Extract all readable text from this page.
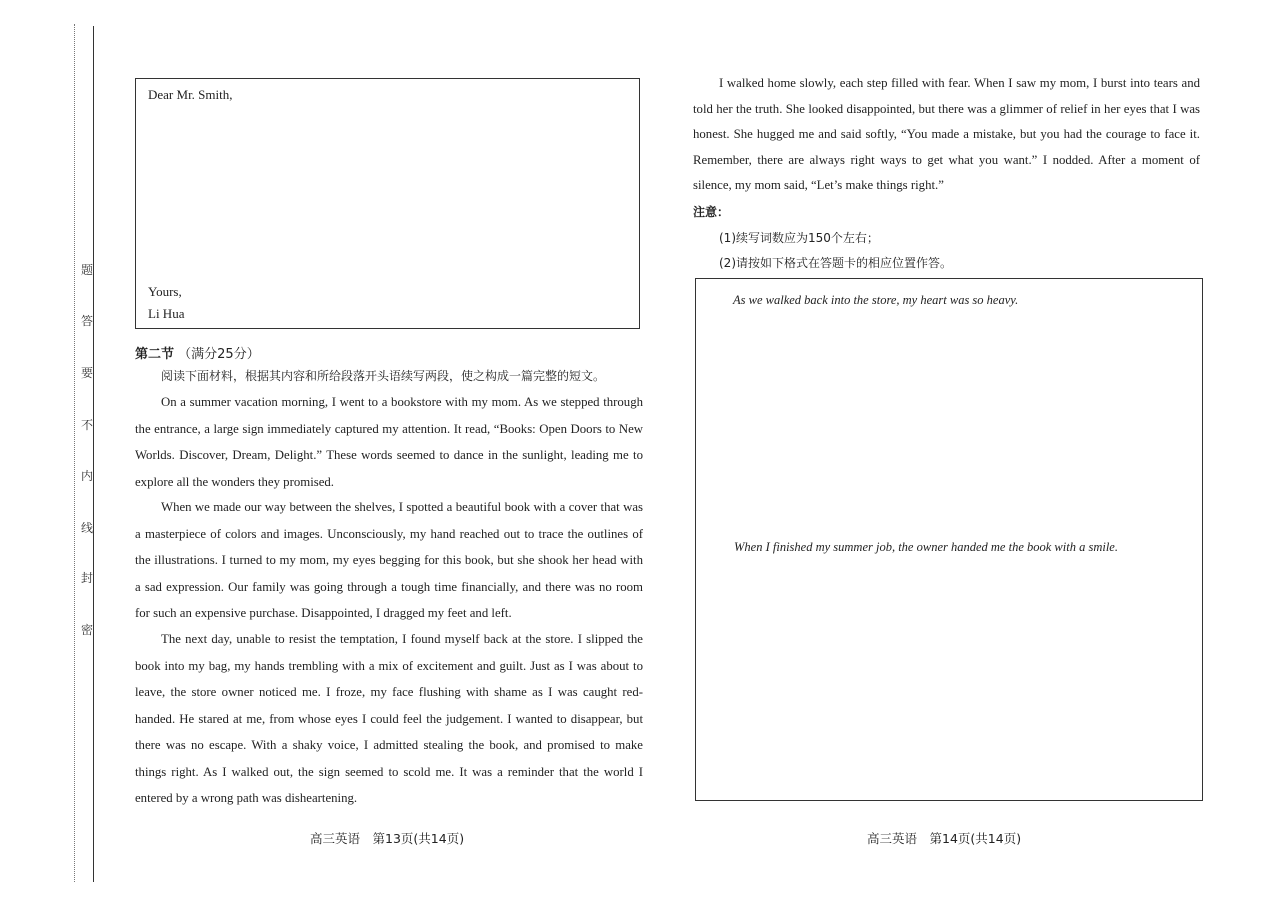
题
答
要
不
内
线
封
密
Dear Mr. Smith,
Yours,
Li Hua
第二节 （满分25分）

阅读下面材料，根据其内容和所给段落开头语续写两段，使之构成一篇完整的短文。

On a summer vacation morning, I went to a bookstore with my mom. As we stepped through the entrance, a large sign immediately captured my attention. It read, “Books: Open Doors to New Worlds. Discover, Dream, Delight.” These words seemed to dance in the sunlight, leading me to explore all the wonders they promised.

When we made our way between the shelves, I spotted a beautiful book with a cover that was a masterpiece of colors and images. Unconsciously, my hand reached out to trace the outlines of the illustrations. I turned to my mom, my eyes begging for this book, but she shook her head with a sad expression. Our family was going through a tough time financially, and there was no room for such an expensive purchase. Disappointed, I dragged my feet and left.

The next day, unable to resist the temptation, I found myself back at the store. I slipped the book into my bag, my hands trembling with a mix of excitement and guilt. Just as I was about to leave, the store owner noticed me. I froze, my face flushing with shame as I was caught red-handed. He stared at me, from whose eyes I could feel the judgement. I wanted to disappear, but there was no escape. With a shaky voice, I admitted stealing the book, and promised to make things right. As I walked out, the sign seemed to scold me. It was a reminder that the world I entered by a wrong path was disheartening.

I walked home slowly, each step filled with fear. When I saw my mom, I burst into tears and told her the truth. She looked disappointed, but there was a glimmer of relief in her eyes that I was honest. She hugged me and said softly, “You made a mistake, but you had the courage to face it. Remember, there are always right ways to get what you want.” I nodded. After a moment of silence, my mom said, “Let’s make things right.”

注意：
(1)续写词数应为150个左右；
(2)请按如下格式在答题卡的相应位置作答。
As we walked back into the store, my heart was so heavy.
When I finished my summer job, the owner handed me the book with a smile.
高三英语　第13页(共14页)	高三英语　第14页(共14页)
